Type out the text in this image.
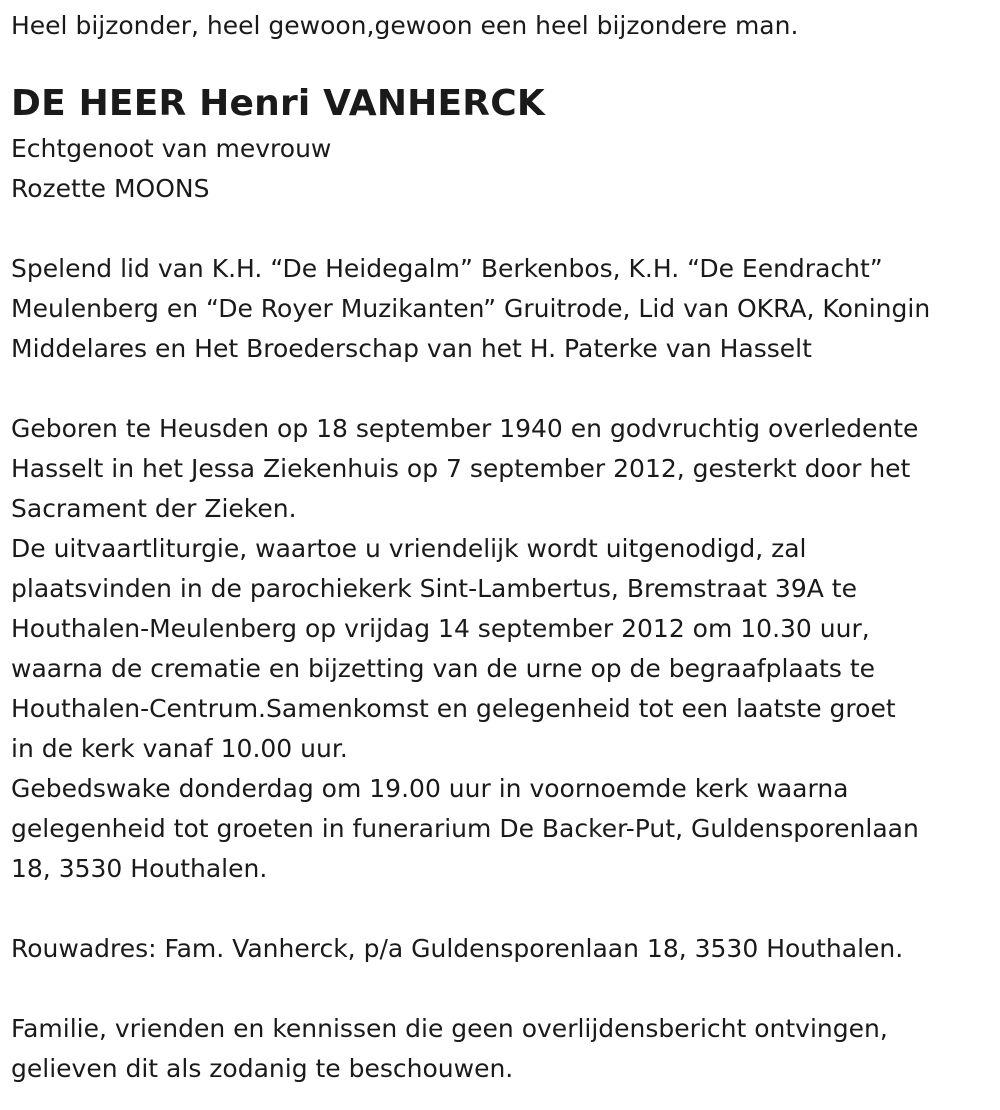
Heel bijzonder, heel gewoon,gewoon een heel bijzondere man.
DE HEER Henri VANHERCK
Echtgenoot van mevrouw
Rozette MOONS
Spelend lid van K.H. “De Heidegalm” Berkenbos, K.H. “De Eendracht”
Meulenberg en “De Royer Muzikanten” Gruitrode, Lid van OKRA, Koningin
Middelares en Het Broederschap van het H. Paterke van Hasselt
Geboren te Heusden op 18 september 1940 en godvruchtig overledente
Hasselt in het Jessa Ziekenhuis op 7 september 2012, gesterkt door het
Sacrament der Zieken.
De uitvaartliturgie, waartoe u vriendelijk wordt uitgenodigd, zal
plaatsvinden in de parochiekerk Sint-Lambertus, Bremstraat 39A te
Houthalen-Meulenberg op vrijdag 14 september 2012 om 10.30 uur,
waarna de crematie en bijzetting van de urne op de begraafplaats te
Houthalen-Centrum.Samenkomst en gelegenheid tot een laatste groet
in de kerk vanaf 10.00 uur.
Gebedswake donderdag om 19.00 uur in voornoemde kerk waarna
gelegenheid tot groeten in funerarium De Backer-Put, Guldensporenlaan
18, 3530 Houthalen.
Rouwadres: Fam. Vanherck, p/a Guldensporenlaan 18, 3530 Houthalen.
Familie, vrienden en kennissen die geen overlijdensbericht ontvingen,
gelieven dit als zodanig te beschouwen.
